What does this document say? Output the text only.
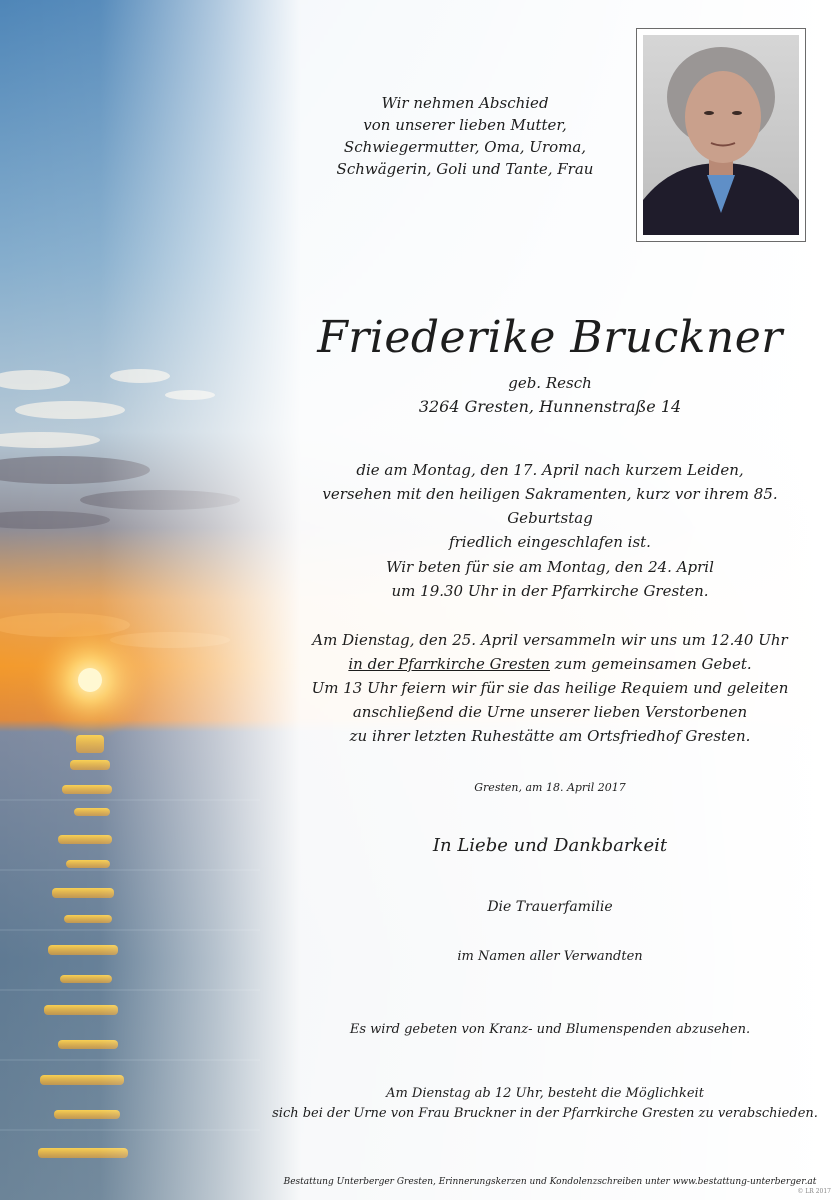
Wir nehmen Abschied
von unserer lieben Mutter,
Schwiegermutter, Oma, Uroma,
Schwägerin, Goli und Tante, Frau

Friederike Bruckner

geb. Resch

3264 Gresten, Hunnenstraße 14

die am Montag, den 17. April nach kurzem Leiden,
versehen mit den heiligen Sakramenten, kurz vor ihrem 85. Geburtstag
friedlich eingeschlafen ist.

Wir beten für sie am Montag, den 24. April
um 19.30 Uhr in der Pfarrkirche Gresten.

Am Dienstag, den 25. April versammeln wir uns um 12.40 Uhr
in der Pfarrkirche Gresten zum gemeinsamen Gebet.
Um 13 Uhr feiern wir für sie das heilige Requiem und geleiten
anschließend die Urne unserer lieben Verstorbenen
zu ihrer letzten Ruhestätte am Ortsfriedhof Gresten.

Gresten, am 18. April 2017

In Liebe und Dankbarkeit

Die Trauerfamilie

im Namen aller Verwandten

Es wird gebeten von Kranz- und Blumenspenden abzusehen.

Am Dienstag ab 12 Uhr, besteht die Möglichkeit
sich bei der Urne von Frau Bruckner in der Pfarrkirche Gresten zu verabschieden.

Bestattung Unterberger Gresten, Erinnerungskerzen und Kondolenzschreiben unter www.bestattung-unterberger.at

© LR 2017
